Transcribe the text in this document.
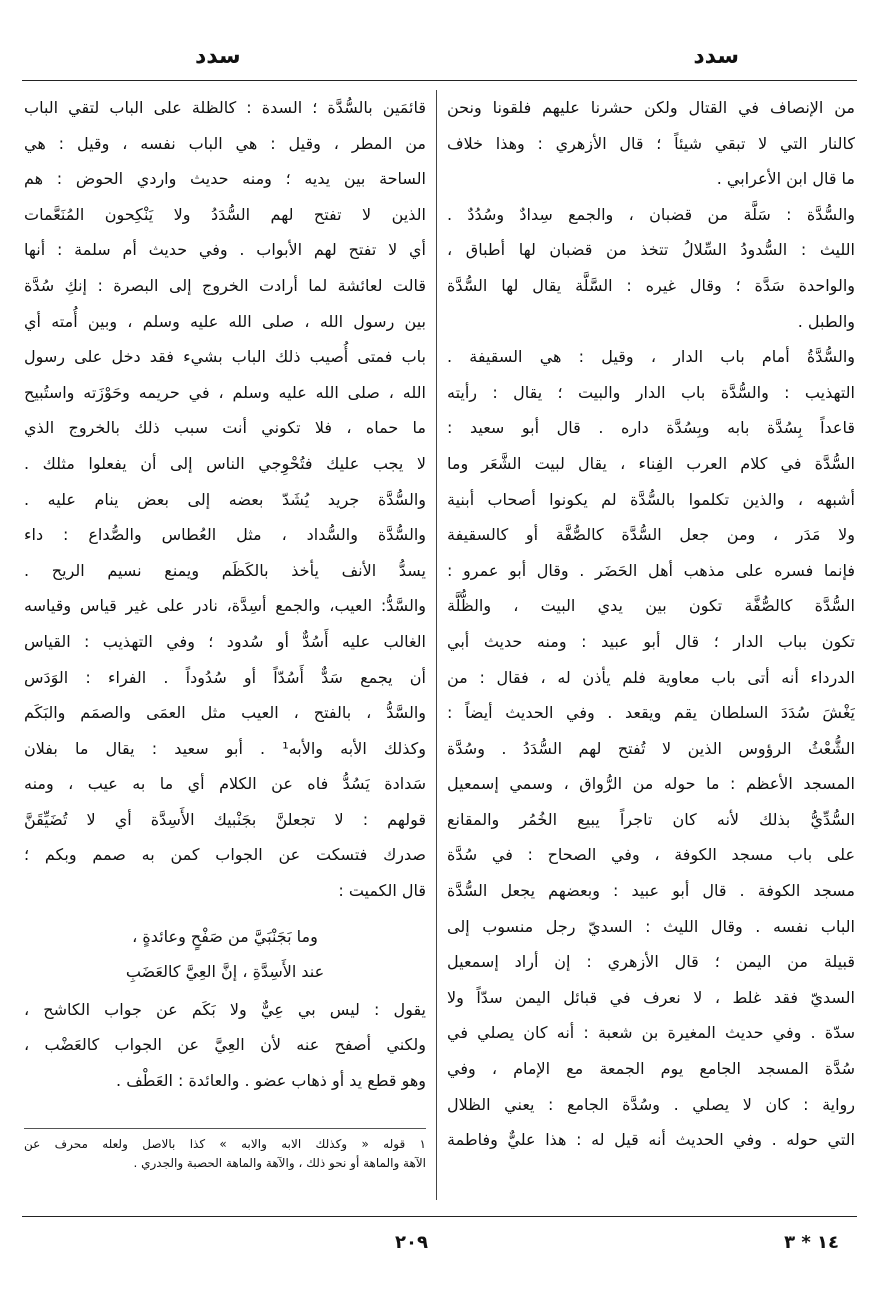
سدد
سدد
من الإنصاف في القتال ولكن حشرنا عليهم فلقونا ونحن
كالنار التي لا تبقي شيئاً ؛ قال الأزهري : وهذا خلاف
ما قال ابن الأعرابي .
والسُّدَّة : سَلَّة من قضبان ، والجمع سِدادٌ وسُدُدٌ .
الليث : السُّدودُ السِّلالُ تتخذ من قضبان لها أطباق ،
والواحدة سَدَّة ؛ وقال غيره : السَّلَّة يقال لها السُّدَّة
والطبل .
والسُّدَّةُ أمام باب الدار ، وقيل : هي السقيفة .
التهذيب : والسُّدَّة باب الدار والبيت ؛ يقال : رأيته
قاعداً بِسُدَّة بابه وبِسُدَّة داره . قال أبو سعيد :
السُّدَّة في كلام العرب الفِناء ، يقال لبيت الشَّعَر وما
أشبهه ، والذين تكلموا بالسُّدَّة لم يكونوا أصحاب أبنية
ولا مَدَر ، ومن جعل السُّدَّة كالصُّفَّة أو كالسقيفة
فإنما فسره على مذهب أهل الحَضَر . وقال أبو عمرو :
السُّدَّة كالصُّفَّة تكون بين يدي البيت ، والظُّلَّة
تكون بباب الدار ؛ قال أبو عبيد : ومنه حديث أبي
الدرداء أنه أتى باب معاوية فلم يأذن له ، فقال : من
يَغْشَ سُدَدَ السلطان يقم ويقعد . وفي الحديث أيضاً :
الشُّعْثُ الرؤوس الذين لا تُفتح لهم السُّدَدُ . وسُدَّة
المسجد الأعظم : ما حوله من الرُّواق ، وسمي إسمعيل
السُّدِّيُّ بذلك لأنه كان تاجراً يبيع الخُمُر والمقانع
على باب مسجد الكوفة ، وفي الصحاح : في سُدَّة
مسجد الكوفة . قال أبو عبيد : وبعضهم يجعل السُّدَّة
الباب نفسه . وقال الليث : السديّ رجل منسوب إلى
قبيلة من اليمن ؛ قال الأزهري : إن أراد إسمعيل
السديّ فقد غلط ، لا نعرف في قبائل اليمن سدّاً ولا
سدّة . وفي حديث المغيرة بن شعبة : أنه كان يصلي في
سُدَّة المسجد الجامع يوم الجمعة مع الإمام ، وفي
رواية : كان لا يصلي . وسُدَّة الجامع : يعني الظلال
التي حوله . وفي الحديث أنه قيل له : هذا عليٌّ وفاطمة
قائمَين بالسُّدَّة ؛ السدة : كالظلة على الباب لتقي الباب
من المطر ، وقيل : هي الباب نفسه ، وقيل : هي
الساحة بين يديه ؛ ومنه حديث واردي الحوض : هم
الذين لا تفتح لهم السُّدَدُ ولا يَنْكِحون المُنَعَّمات
أي لا تفتح لهم الأبواب . وفي حديث أم سلمة : أنها
قالت لعائشة لما أرادت الخروج إلى البصرة : إنكِ سُدَّة
بين رسول الله ، صلى الله عليه وسلم ، وبين أُمته أي
باب فمتى أُصيب ذلك الباب بشيء فقد دخل على رسول
الله ، صلى الله عليه وسلم ، في حريمه وحَوْزَته واستُبيح
ما حماه ، فلا تكوني أنت سبب ذلك بالخروج الذي
لا يجب عليك فتُحْوِجي الناس إلى أن يفعلوا مثلك .
والسُّدَّة جريد يُشَدّ بعضه إلى بعض ينام عليه .
والسُّدَّة والسُّداد ، مثل العُطاس والصُّداع : داء
يسدُّ الأنف يأخذ بالكَظَم ويمنع نسيم الريح .
والسَّدُّ: العيب، والجمع أسِدَّة، نادر على غير قياس وقياسه
الغالب عليه أَسُدٌّ أو سُدود ؛ وفي التهذيب : القياس
أن يجمع سَدٌّ أَسُدّاً أو سُدُوداً . الفراء : الوَدَس
والسَّدُّ ، بالفتح ، العيب مثل العمَى والصمَم والبَكَم
وكذلك الأبه والأبه¹ . أبو سعيد : يقال ما بفلان
سَدادة يَسُدُّ فاه عن الكلام أي ما به عيب ، ومنه
قولهم : لا تجعلنَّ بجَنْبيك الأَسِدَّة أي لا تُضَيِّقَنَّ
صدرك فتسكت عن الجواب كمن به صمم وبكم ؛
قال الكميت :
وما بَجَنْبَيَّ من صَفْحٍ وعائدةٍ ،
عند الأَسِدَّةِ ، إنَّ العِيَّ كالعَضَبِ
يقول : ليس بي عِيٌّ ولا بَكَم عن جواب الكاشح ،
ولكني أصفح عنه لأن العِيَّ عن الجواب كالعَضْب ،
وهو قطع يد أو ذهاب عضو . والعائدة : العَطْف .
١ قوله « وكذلك الابه والابه » كذا بالاصل ولعله محرف عن
الآهة والماهة أو نحو ذلك ، والآهة والماهة الحصبة والجدري .
٢٠٩	١٤ * ٣
